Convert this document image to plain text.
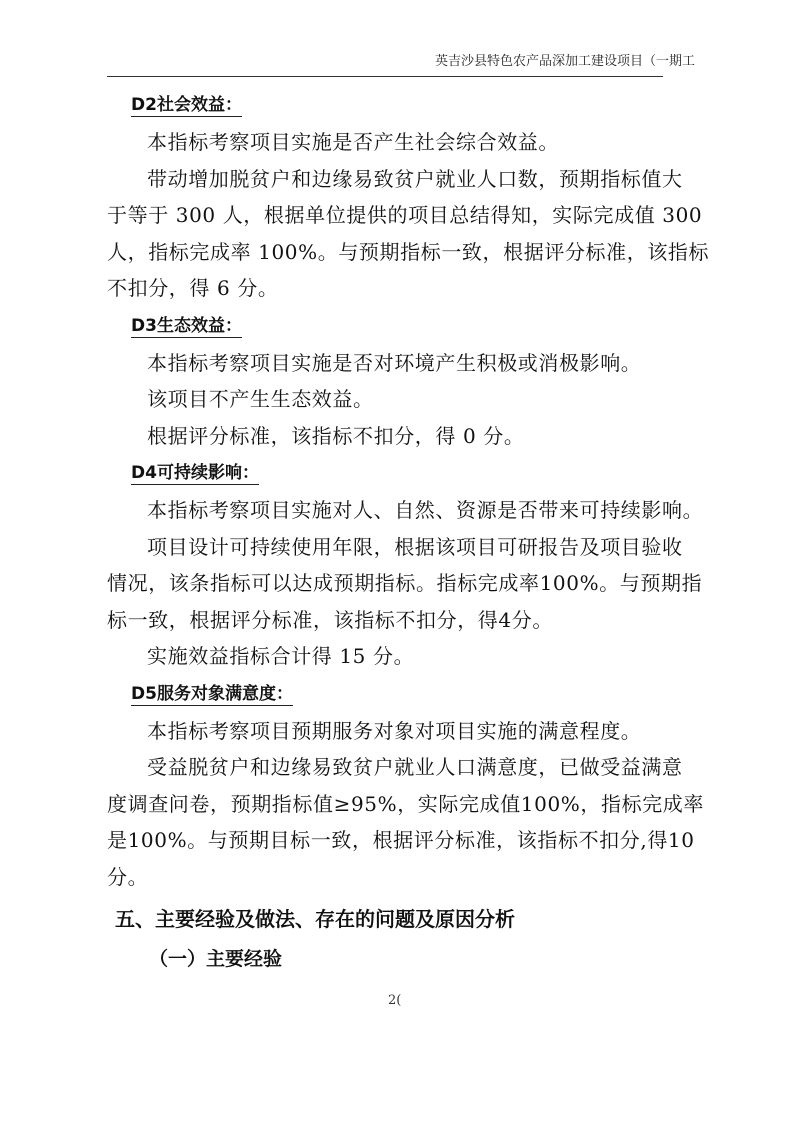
英吉沙县特色农产品深加工建设项目（一期工
D2社会效益：
本指标考察项目实施是否产生社会综合效益。
带动增加脱贫户和边缘易致贫户就业人口数，预期指标值大
于等于 300 人，根据单位提供的项目总结得知，实际完成值 300
人，指标完成率 100%。与预期指标一致，根据评分标准，该指标
不扣分，得 6 分。
D3生态效益：
本指标考察项目实施是否对环境产生积极或消极影响。
该项目不产生生态效益。
根据评分标准，该指标不扣分，得 0 分。
D4可持续影响：
本指标考察项目实施对人、自然、资源是否带来可持续影响。
项目设计可持续使用年限，根据该项目可研报告及项目验收
情况，该条指标可以达成预期指标。指标完成率100%。与预期指
标一致，根据评分标准，该指标不扣分，得4分。
实施效益指标合计得 15 分。
D5服务对象满意度：
本指标考察项目预期服务对象对项目实施的满意程度。
受益脱贫户和边缘易致贫户就业人口满意度，已做受益满意
度调查问卷，预期指标值≥95%，实际完成值100%，指标完成率
是100%。与预期目标一致，根据评分标准，该指标不扣分,得10
分。
五、主要经验及做法、存在的问题及原因分析
（一）主要经验
2(
